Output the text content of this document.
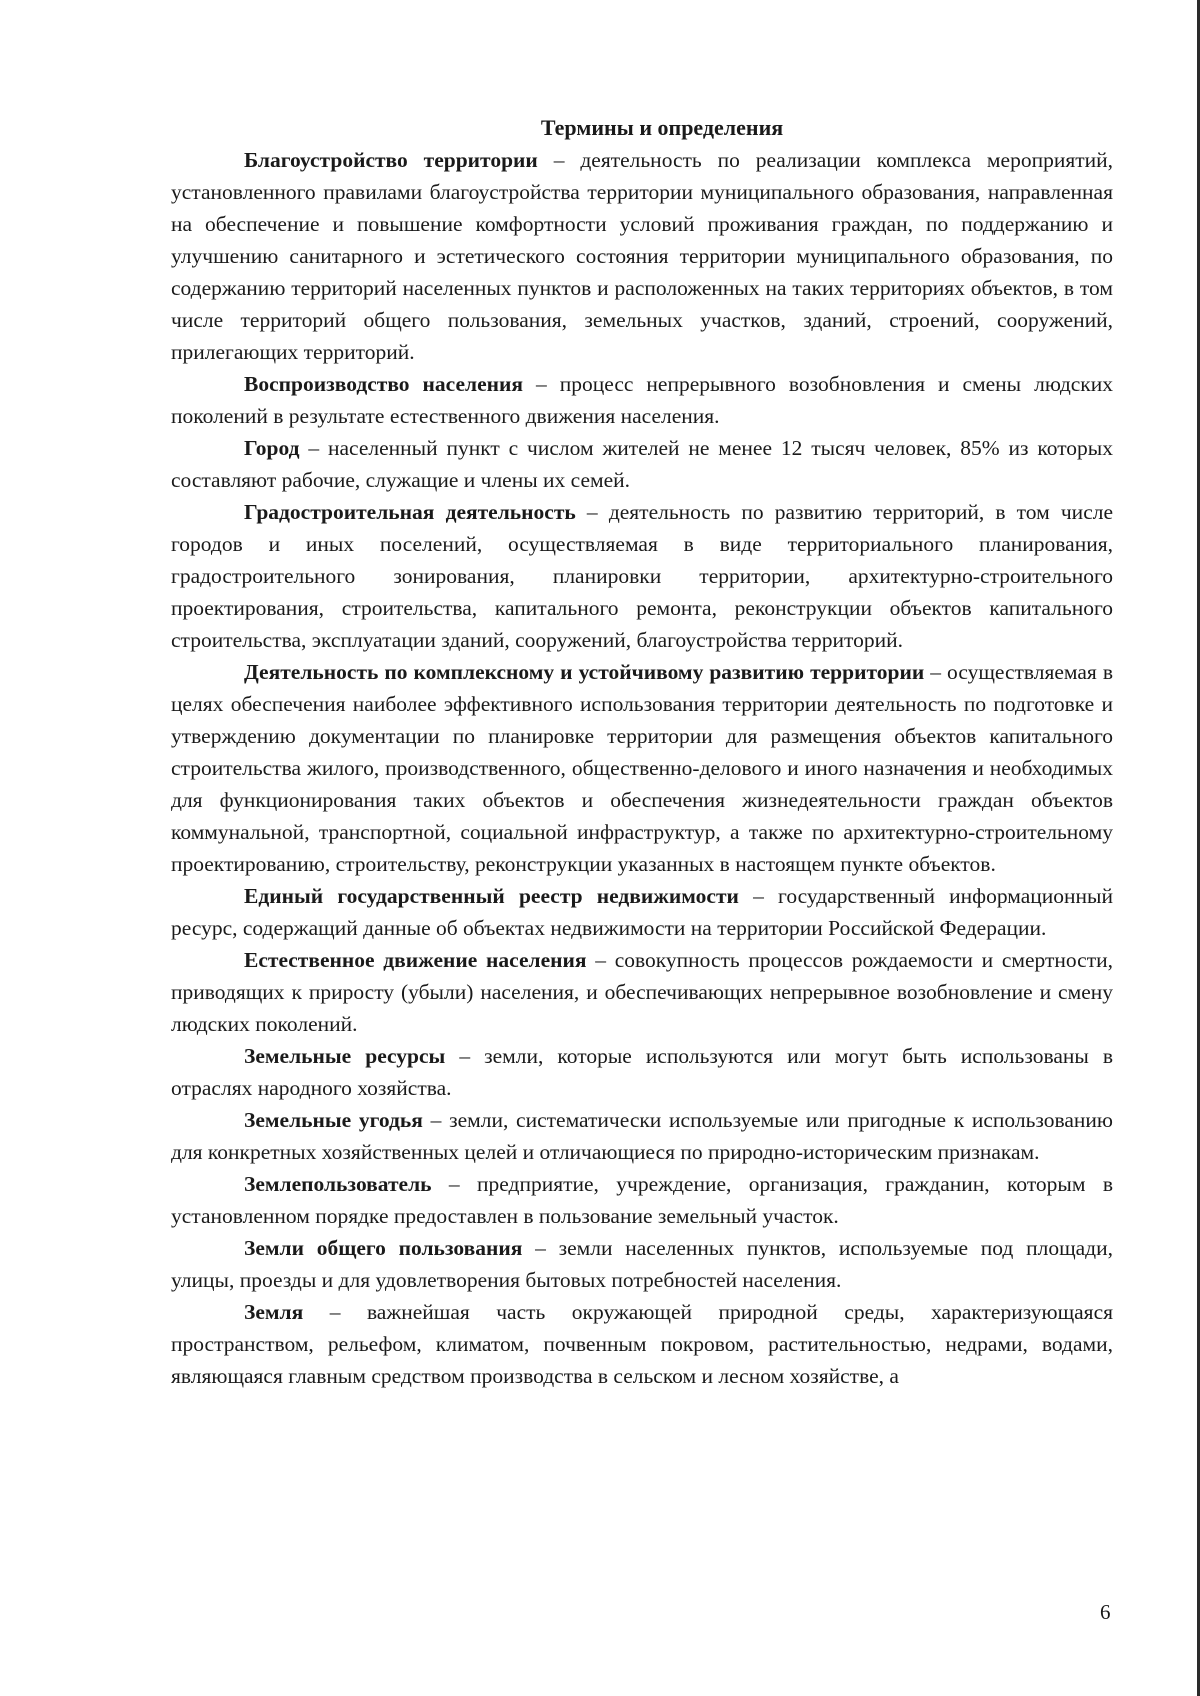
Термины и определения

Благоустройство территории – деятельность по реализации комплекса мероприятий, установленного правилами благоустройства территории муниципального образования, направленная на обеспечение и повышение комфортности условий проживания граждан, по поддержанию и улучшению санитарного и эстетического состояния территории муниципального образования, по содержанию территорий населенных пунктов и расположенных на таких территориях объектов, в том числе территорий общего пользования, земельных участков, зданий, строений, сооружений, прилегающих территорий.

Воспроизводство населения – процесс непрерывного возобновления и смены людских поколений в результате естественного движения населения.

Город – населенный пункт с числом жителей не менее 12 тысяч человек, 85% из которых составляют рабочие, служащие и члены их семей.

Градостроительная деятельность – деятельность по развитию территорий, в том числе городов и иных поселений, осуществляемая в виде территориального планирования, градостроительного зонирования, планировки территории, архитектурно-строительного проектирования, строительства, капитального ремонта, реконструкции объектов капитального строительства, эксплуатации зданий, сооружений, благоустройства территорий.

Деятельность по комплексному и устойчивому развитию территории – осуществляемая в целях обеспечения наиболее эффективного использования территории деятельность по подготовке и утверждению документации по планировке территории для размещения объектов капитального строительства жилого, производственного, общественно-делового и иного назначения и необходимых для функционирования таких объектов и обеспечения жизнедеятельности граждан объектов коммунальной, транспортной, социальной инфраструктур, а также по архитектурно-строительному проектированию, строительству, реконструкции указанных в настоящем пункте объектов.

Единый государственный реестр недвижимости – государственный информационный ресурс, содержащий данные об объектах недвижимости на территории Российской Федерации.

Естественное движение населения – совокупность процессов рождаемости и смертности, приводящих к приросту (убыли) населения, и обеспечивающих непрерывное возобновление и смену людских поколений.

Земельные ресурсы – земли, которые используются или могут быть использованы в отраслях народного хозяйства.

Земельные угодья – земли, систематически используемые или пригодные к использованию для конкретных хозяйственных целей и отличающиеся по природно-историческим признакам.

Землепользователь – предприятие, учреждение, организация, гражданин, которым в установленном порядке предоставлен в пользование земельный участок.

Земли общего пользования – земли населенных пунктов, используемые под площади, улицы, проезды и для удовлетворения бытовых потребностей населения.

Земля – важнейшая часть окружающей природной среды, характеризующаяся пространством, рельефом, климатом, почвенным покровом, растительностью, недрами, водами, являющаяся главным средством производства в сельском и лесном хозяйстве, а

6
